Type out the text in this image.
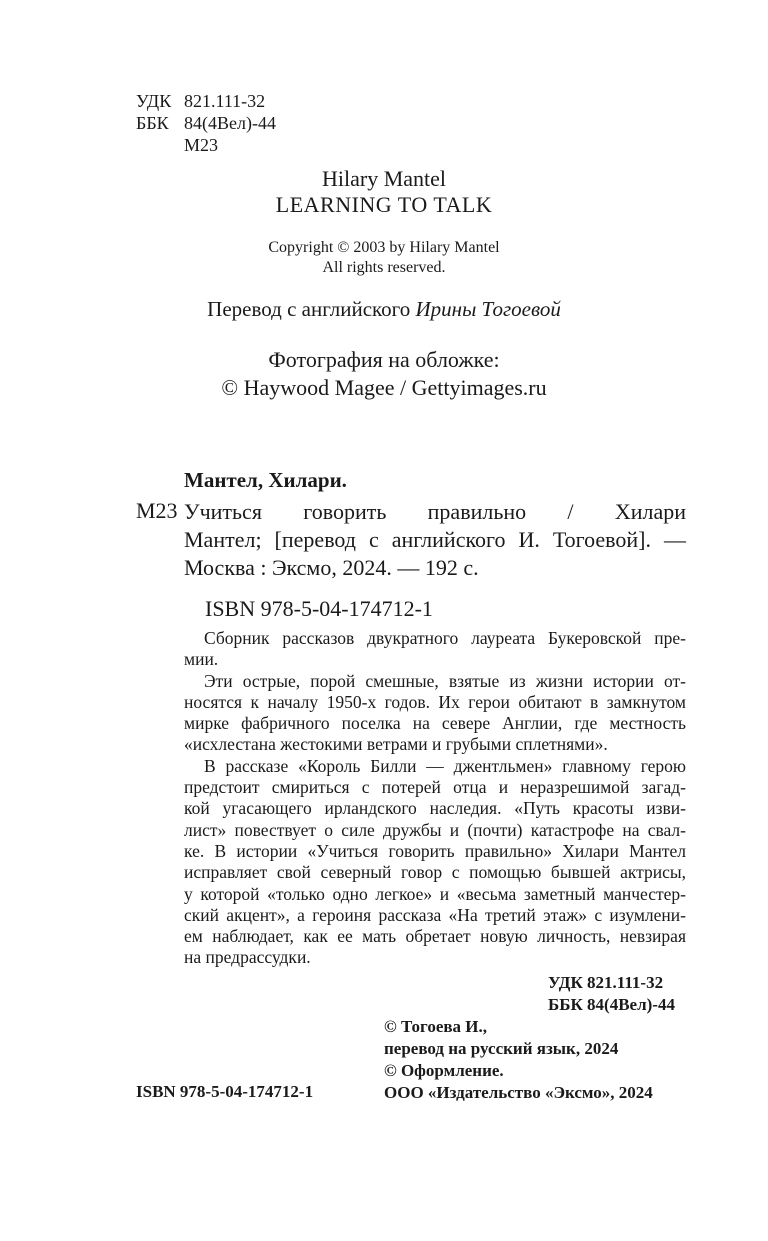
УДК 821.111-32
ББК 84(4Вел)-44
М23
Hilary Mantel
LEARNING TO TALK
Copyright © 2003 by Hilary Mantel
All rights reserved.
Перевод с английского Ирины Тогоевой
Фотография на обложке:
© Haywood Magee / Gettyimages.ru
Мантел, Хилари.
М23 Учиться говорить правильно / Хилари
Мантел; [перевод с английского И. Тогоевой]. —
Москва : Эксмо, 2024. — 192 с.
ISBN 978-5-04-174712-1
Сборник рассказов двукратного лауреата Букеровской пре-
мии.
Эти острые, порой смешные, взятые из жизни истории от-
носятся к началу 1950-х годов. Их герои обитают в замкнутом
мирке фабричного поселка на севере Англии, где местность
«исхлестана жестокими ветрами и грубыми сплетнями».
В рассказе «Король Билли — джентльмен» главному герою
предстоит смириться с потерей отца и неразрешимой загад-
кой угасающего ирландского наследия. «Путь красоты изви-
лист» повествует о силе дружбы и (почти) катастрофе на свал-
ке. В истории «Учиться говорить правильно» Хилари Мантел
исправляет свой северный говор с помощью бывшей актрисы,
у которой «только одно легкое» и «весьма заметный манчестер-
ский акцент», а героиня рассказа «На третий этаж» с изумлени-
ем наблюдает, как ее мать обретает новую личность, невзирая
на предрассудки.
УДК 821.111-32
ББК 84(4Вел)-44
© Тогоева И.,
перевод на русский язык, 2024
© Оформление.
ООО «Издательство «Эксмо», 2024
ISBN 978-5-04-174712-1
